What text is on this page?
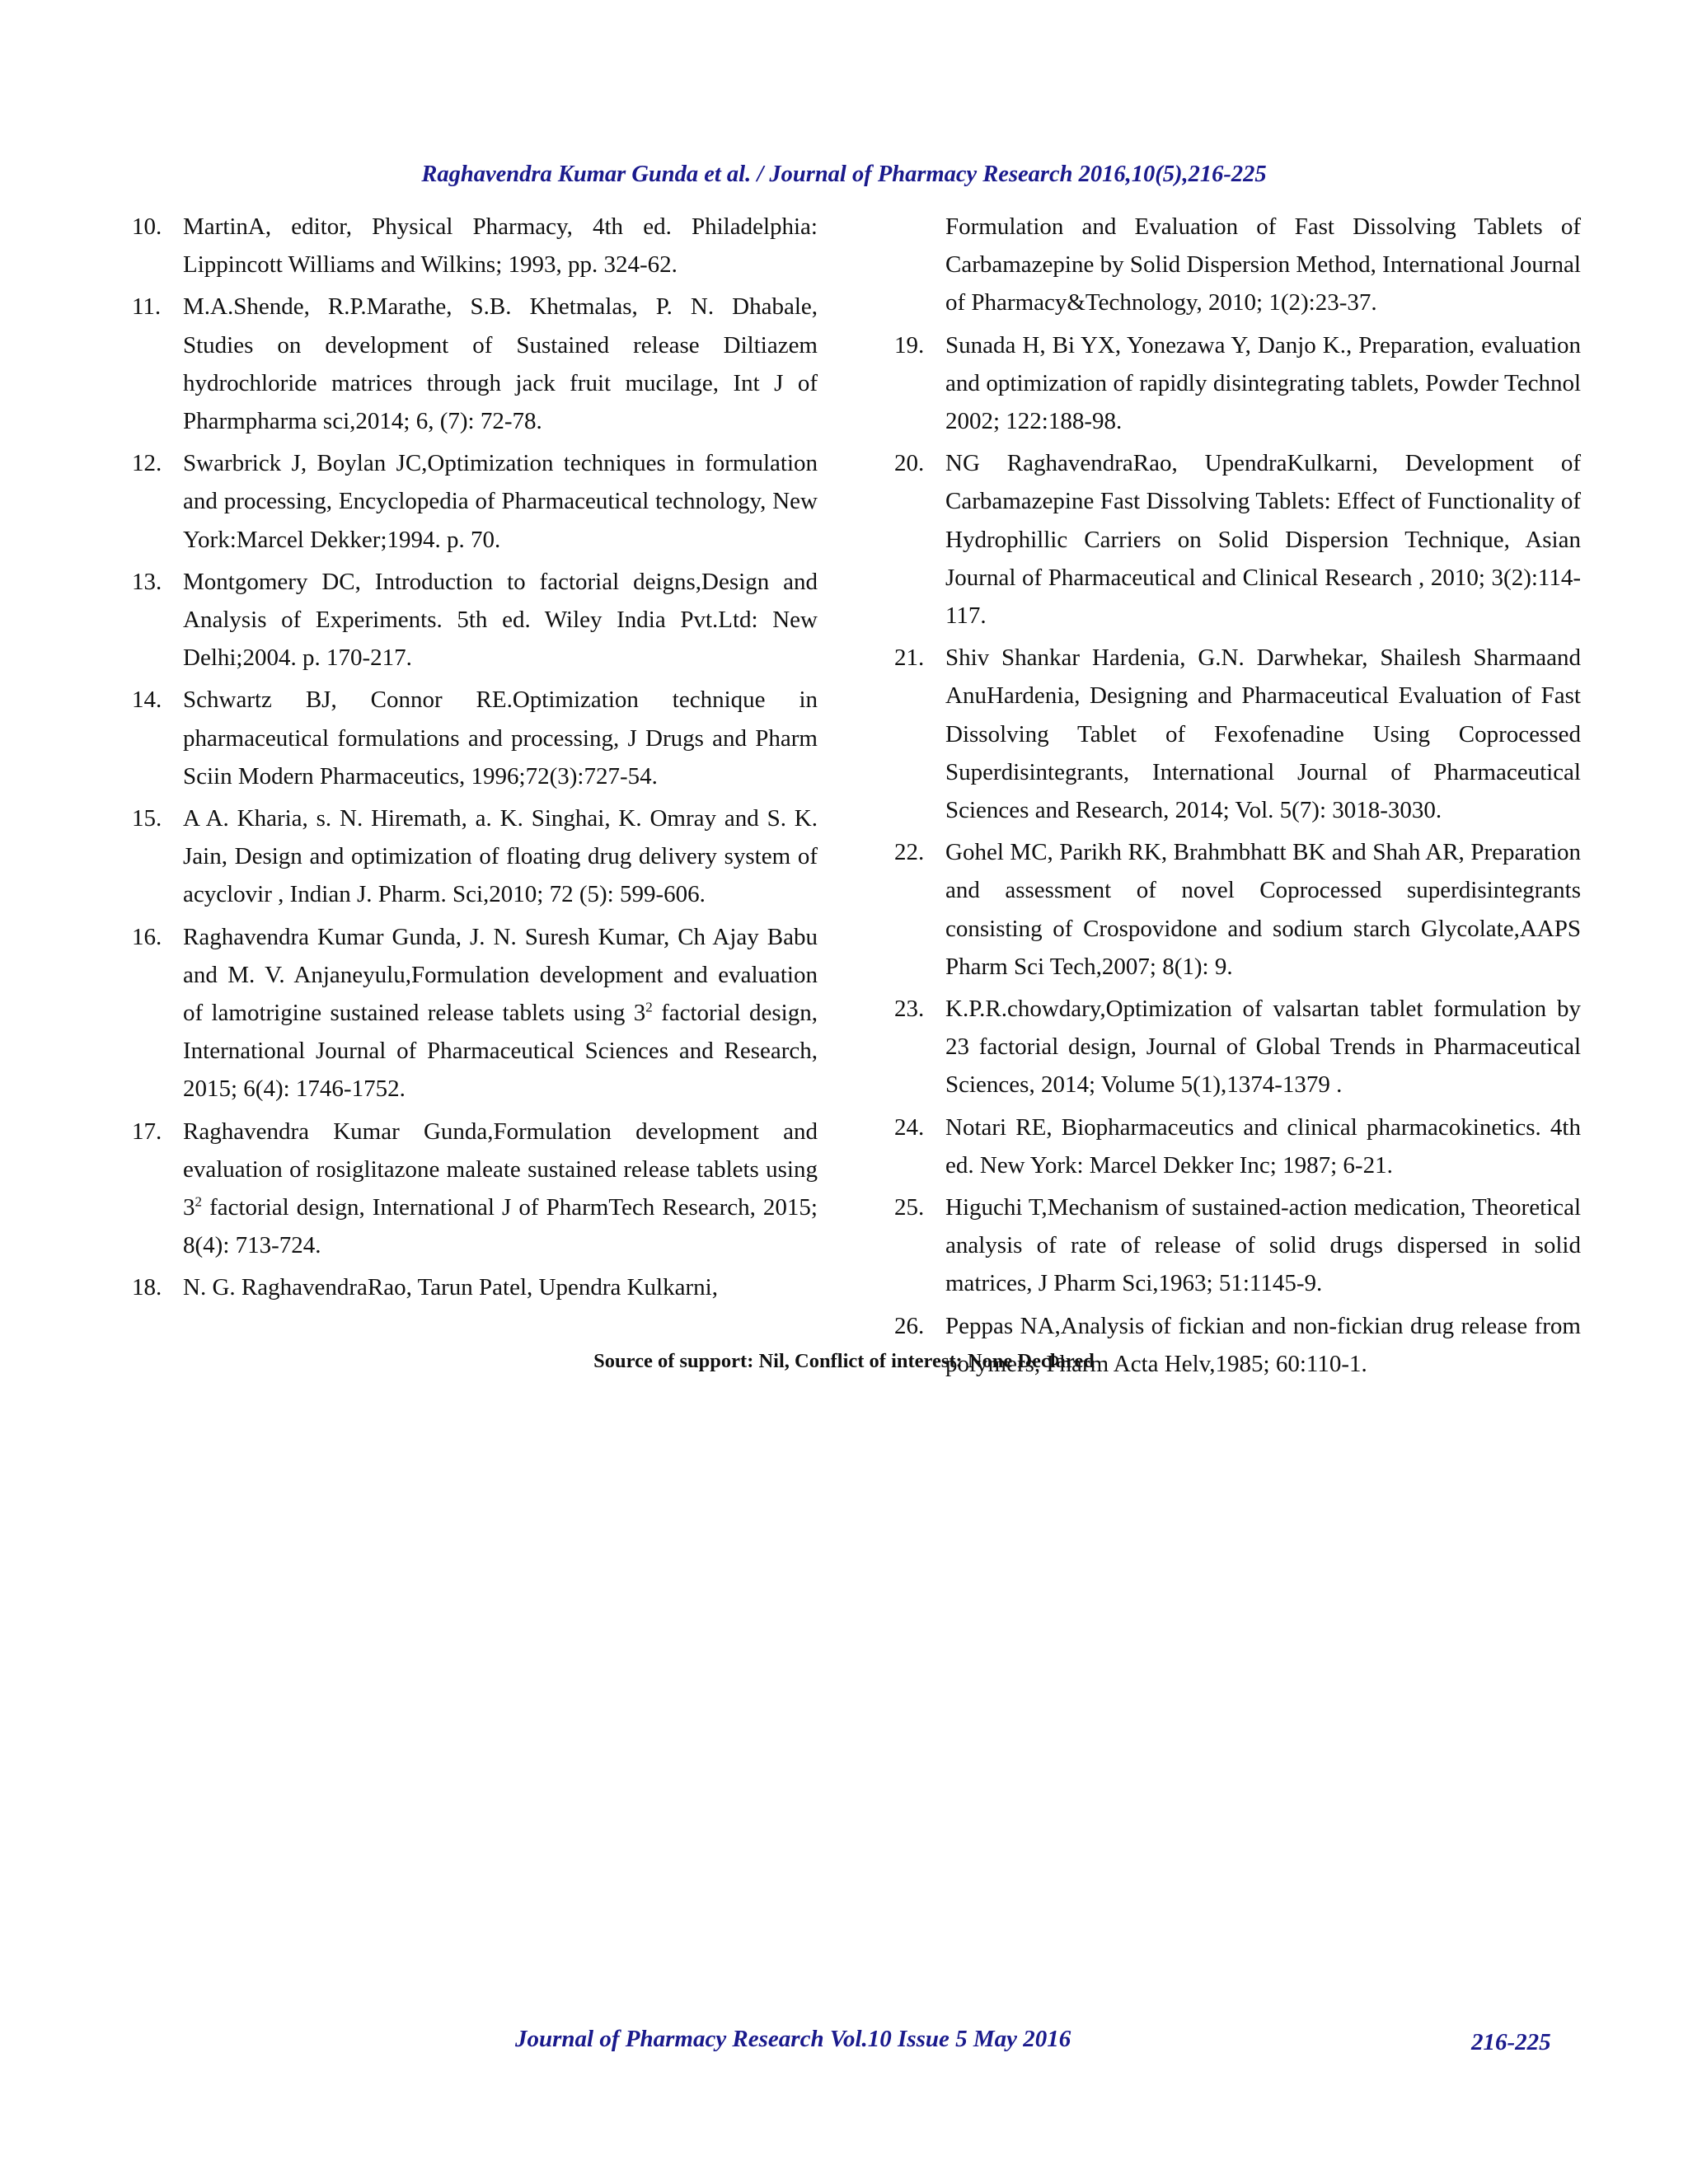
Raghavendra Kumar Gunda et al. / Journal of Pharmacy Research 2016,10(5),216-225
10. MartinA, editor, Physical Pharmacy, 4th ed. Philadelphia: Lippincott Williams and Wilkins; 1993, pp. 324-62.
11. M.A.Shende, R.P.Marathe, S.B. Khetmalas, P. N. Dhabale, Studies on development of Sustained release Diltiazem hydrochloride matrices through jack fruit mucilage, Int J of Pharmpharma sci,2014; 6, (7): 72-78.
12. Swarbrick J, Boylan JC,Optimization techniques in formulation and processing, Encyclopedia of Pharmaceutical technology, New York:Marcel Dekker;1994. p. 70.
13. Montgomery DC, Introduction to factorial deigns,Design and Analysis of Experiments. 5th ed. Wiley India Pvt.Ltd: New Delhi;2004. p. 170-217.
14. Schwartz BJ, Connor RE.Optimization technique in pharmaceutical formulations and processing, J Drugs and Pharm Sciin Modern Pharmaceutics, 1996;72(3):727-54.
15. A A. Kharia, s. N. Hiremath, a. K. Singhai, K. Omray and S. K. Jain, Design and optimization of floating drug delivery system of acyclovir , Indian J. Pharm. Sci,2010; 72 (5): 599-606.
16. Raghavendra Kumar Gunda, J. N. Suresh Kumar, Ch Ajay Babu and M. V. Anjaneyulu,Formulation development and evaluation of lamotrigine sustained release tablets using $3^2$ factorial design, International Journal of Pharmaceutical Sciences and Research, 2015; 6(4): 1746-1752.
17. Raghavendra Kumar Gunda,Formulation development and evaluation of rosiglitazone maleate sustained release tablets using $3^2$ factorial design, International J of PharmTech Research, 2015; 8(4): 713-724.
18. N. G. RaghavendraRao, Tarun Patel, Upendra Kulkarni,
Formulation and Evaluation of Fast Dissolving Tablets of Carbamazepine by Solid Dispersion Method, International Journal of Pharmacy&Technology, 2010; 1(2):23-37.
19. Sunada H, Bi YX, Yonezawa Y, Danjo K., Preparation, evaluation and optimization of rapidly disintegrating tablets, Powder Technol 2002; 122:188-98.
20. NG RaghavendraRao, UpendraKulkarni, Development of Carbamazepine Fast Dissolving Tablets: Effect of Functionality of Hydrophillic Carriers on Solid Dispersion Technique, Asian Journal of Pharmaceutical and Clinical Research , 2010; 3(2):114-117.
21. Shiv Shankar Hardenia, G.N. Darwhekar, Shailesh Sharmaand AnuHardenia, Designing and Pharmaceutical Evaluation of Fast Dissolving Tablet of Fexofenadine Using Coprocessed Superdisintegrants, International Journal of Pharmaceutical Sciences and Research, 2014; Vol. 5(7): 3018-3030.
22. Gohel MC, Parikh RK, Brahmbhatt BK and Shah AR, Preparation and assessment of novel Coprocessed superdisintegrants consisting of Crospovidone and sodium starch Glycolate,AAPS Pharm Sci Tech,2007; 8(1): 9.
23. K.P.R.chowdary,Optimization of valsartan tablet formulation by 23 factorial design, Journal of Global Trends in Pharmaceutical Sciences, 2014; Volume 5(1),1374-1379 .
24. Notari RE, Biopharmaceutics and clinical pharmacokinetics. 4th ed. New York: Marcel Dekker Inc; 1987; 6-21.
25. Higuchi T,Mechanism of sustained-action medication, Theoretical analysis of rate of release of solid drugs dispersed in solid matrices, J Pharm Sci,1963; 51:1145-9.
26. Peppas NA,Analysis of fickian and non-fickian drug release from polymers, Pharm Acta Helv,1985; 60:110-1.
Source of support: Nil, Conflict of interest: None Declared
Journal of Pharmacy Research Vol.10 Issue 5 May 2016	216-225
